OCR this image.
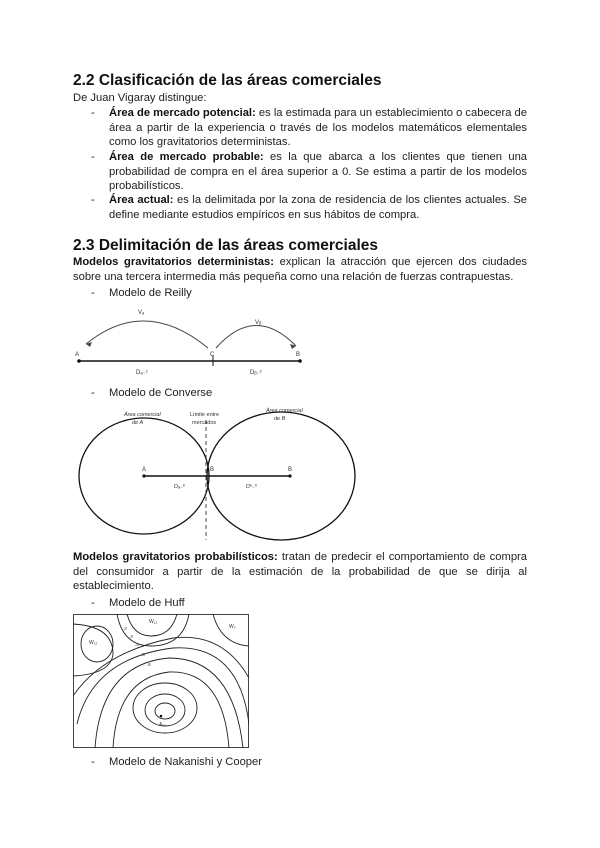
2.2 Clasificación de las áreas comerciales

De Juan Vigaray distingue:

- Área de mercado potencial: es la estimada para un establecimiento o cabecera de área a partir de la experiencia o través de los modelos matemáticos elementales como los gravitatorios deterministas.

- Área de mercado probable: es la que abarca a los clientes que tienen una probabilidad de compra en el área superior a 0. Se estima a partir de los modelos probabilísticos.

- Área actual: es la delimitada por la zona de residencia de los clientes actuales. Se define mediante estudios empíricos en sus hábitos de compra.

2.3 Delimitación de las áreas comerciales

Modelos gravitatorios deterministas: explican la atracción que ejercen dos ciudades sobre una tercera intermedia más pequeña como una relación de fuerzas contrapuestas.

- Modelo de Reilly
A	C	B
Vₐ
Vᵦ
Dₐ₋ᶜ	Dᵦ₋ᶜ
- Modelo de Converse
Área comercial
de A
Área comercial
de B
Límite entre
mercados
A	B	B
Dₐ₋ᵇ	Dᵇ₋ᵇ

Modelos gravitatorios probabilísticos: tratan de predecir el comportamiento de compra del consumidor a partir de la estimación de la probabilidad de que se dirija al establecimiento.

- Modelo de Huff
A₁₀
W₁₂
W₁₂
W₂
.6
.5
.4
.3
.2
- Modelo de Nakanishi y Cooper
